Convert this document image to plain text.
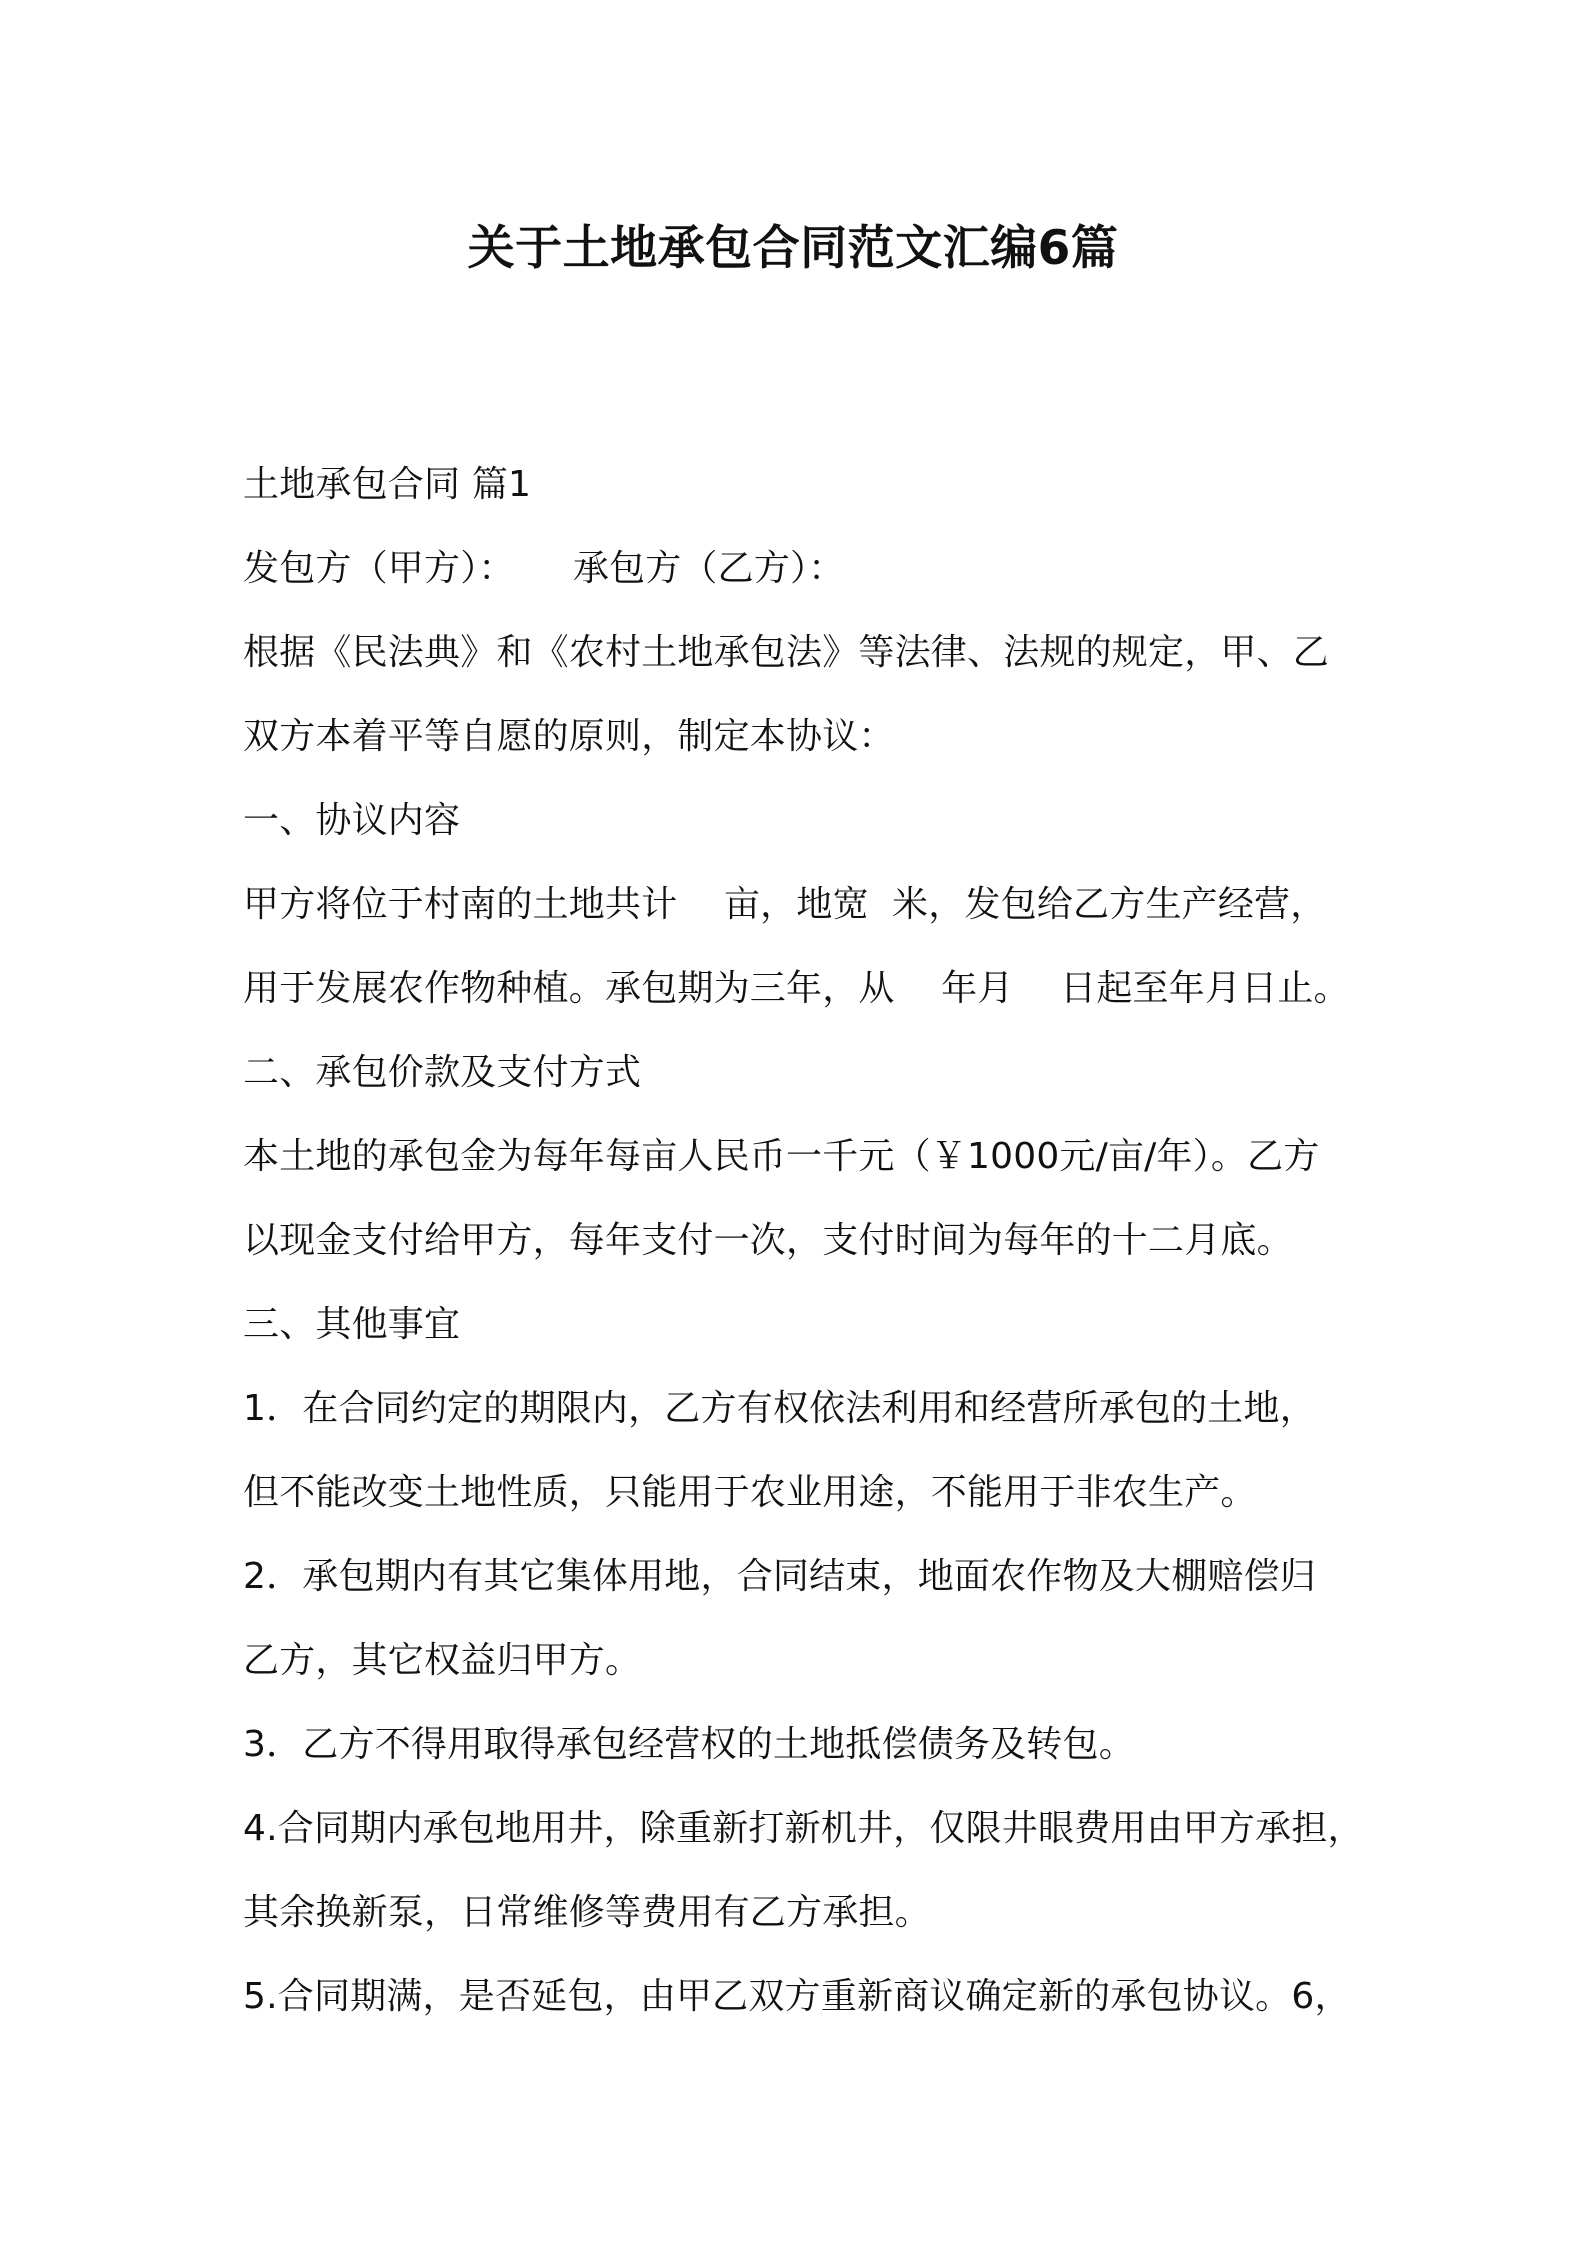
关于土地承包合同范文汇编6篇
土地承包合同 篇1
发包方（甲方）：     承包方（乙方）：
根据《民法典》和《农村土地承包法》等法律、法规的规定，甲、乙
双方本着平等自愿的原则，制定本协议：
一、协议内容
甲方将位于村南的土地共计    亩，地宽  米，发包给乙方生产经营，
用于发展农作物种植。承包期为三年，从    年月    日起至年月日止。
二、承包价款及支付方式
本土地的承包金为每年每亩人民币一千元（￥1000元/亩/年）。乙方
以现金支付给甲方，每年支付一次，支付时间为每年的十二月底。
三、其他事宜
1．在合同约定的期限内，乙方有权依法利用和经营所承包的土地，
但不能改变土地性质，只能用于农业用途，不能用于非农生产。
2．承包期内有其它集体用地，合同结束，地面农作物及大棚赔偿归
乙方，其它权益归甲方。
3．乙方不得用取得承包经营权的土地抵偿债务及转包。
4.合同期内承包地用井，除重新打新机井，仅限井眼费用由甲方承担，
其余换新泵，日常维修等费用有乙方承担。
5.合同期满，是否延包，由甲乙双方重新商议确定新的承包协议。6，
